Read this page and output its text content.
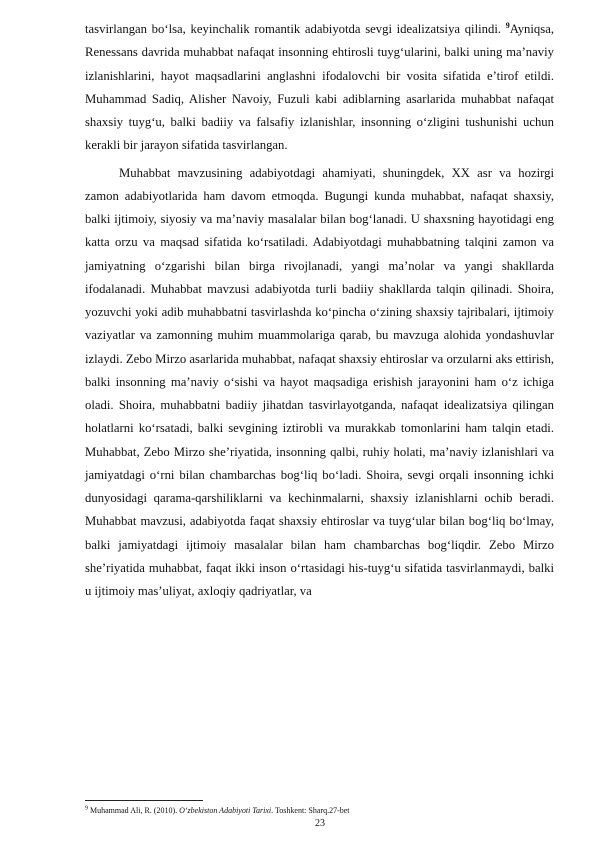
tasvirlangan bo‘lsa, keyinchalik romantik adabiyotda sevgi idealizatsiya qilindi. $^9$Ayniqsa, Renessans davrida muhabbat nafaqat insonning ehtirosli tuyg‘ularini, balki uning ma’naviy izlanishlarini, hayot maqsadlarini anglashni ifodalovchi bir vosita sifatida e’tirof etildi. Muhammad Sadiq, Alisher Navoiy, Fuzuli kabi adiblarning asarlarida muhabbat nafaqat shaxsiy tuyg‘u, balki badiiy va falsafiy izlanishlar, insonning o‘zligini tushunishi uchun kerakli bir jarayon sifatida tasvirlangan.

Muhabbat mavzusining adabiyotdagi ahamiyati, shuningdek, XX asr va hozirgi zamon adabiyotlarida ham davom etmoqda. Bugungi kunda muhabbat, nafaqat shaxsiy, balki ijtimoiy, siyosiy va ma’naviy masalalar bilan bog‘lanadi. U shaxsning hayotidagi eng katta orzu va maqsad sifatida ko‘rsatiladi. Adabiyotdagi muhabbatning talqini zamon va jamiyatning o‘zgarishi bilan birga rivojlanadi, yangi ma’nolar va yangi shakllarda ifodalanadi. Muhabbat mavzusi adabiyotda turli badiiy shakllarda talqin qilinadi. Shoira, yozuvchi yoki adib muhabbatni tasvirlashda ko‘pincha o‘zining shaxsiy tajribalari, ijtimoiy vaziyatlar va zamonning muhim muammolariga qarab, bu mavzuga alohida yondashuvlar izlaydi. Zebo Mirzo asarlarida muhabbat, nafaqat shaxsiy ehtiroslar va orzularni aks ettirish, balki insonning ma’naviy o‘sishi va hayot maqsadiga erishish jarayonini ham o‘z ichiga oladi. Shoira, muhabbatni badiiy jihatdan tasvirlayotganda, nafaqat idealizatsiya qilingan holatlarni ko‘rsatadi, balki sevgining iztirobli va murakkab tomonlarini ham talqin etadi. Muhabbat, Zebo Mirzo she’riyatida, insonning qalbi, ruhiy holati, ma’naviy izlanishlari va jamiyatdagi o‘rni bilan chambarchas bog‘liq bo‘ladi. Shoira, sevgi orqali insonning ichki dunyosidagi qarama-qarshiliklarni va kechinmalarni, shaxsiy izlanishlarni ochib beradi. Muhabbat mavzusi, adabiyotda faqat shaxsiy ehtiroslar va tuyg‘ular bilan bog‘liq bo‘lmay, balki jamiyatdagi ijtimoiy masalalar bilan ham chambarchas bog‘liqdir. Zebo Mirzo she’riyatida muhabbat, faqat ikki inson o‘rtasidagi his-tuyg‘u sifatida tasvirlanmaydi, balki u ijtimoiy mas’uliyat, axloqiy qadriyatlar, va

$^9$ Muhammad Ali, R. (2010). O‘zbekiston Adabiyoti Tarixi. Toshkent: Sharq.27-bet
23
